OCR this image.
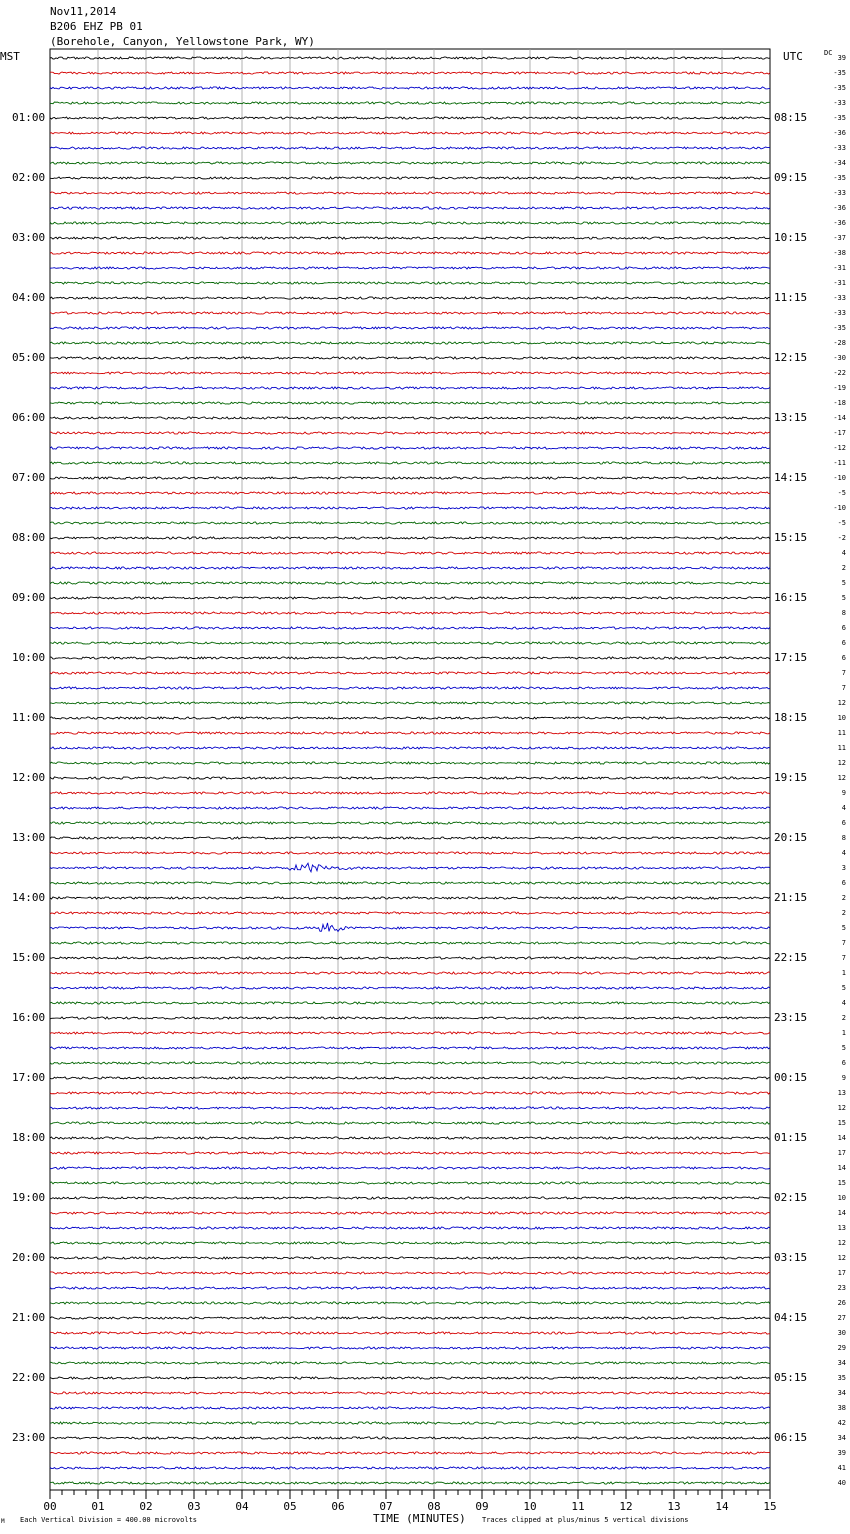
Nov11,2014
B206 EHZ PB 01
(Borehole, Canyon, Yellowstone Park, WY)
MST	UTC	DC
39
-35
-35
-33
-35
-36
-33
-34
-35
-33
-36
-36
-37
-38
-31
-31
-33
-33
-35
-28
-30
-22
-19
-18
-14
-17
-12
-11
-10
-5
-10
-5
-2
4
2
5
5
8
6
6
6
7
7
12
10
11
11
12
12
9
4
6
8
4
3
6
2
2
5
7
7
1
5
4
2
1
5
6
9
13
12
15
14
17
14
15
10
14
13
12
12
17
23
26
27
30
29
34
35
34
38
42
34
39
41
40
01:00
02:00
03:00
04:00
05:00
06:00
07:00
08:00
09:00
10:00
11:00
12:00
13:00
14:00
15:00
16:00
17:00
18:00
19:00
20:00
21:00
22:00
23:00
08:15
09:15
10:15
11:15
12:15
13:15
14:15
15:15
16:15
17:15
18:15
19:15
20:15
21:15
22:15
23:15
00:15
01:15
02:15
03:15
04:15
05:15
06:15
00	01	02	03	04	05	06	07	08	09	10	11	12	13	14	15
TIME (MINUTES)
Each Vertical Division = 400.00 microvolts	Traces clipped at plus/minus 5 vertical divisions
M
